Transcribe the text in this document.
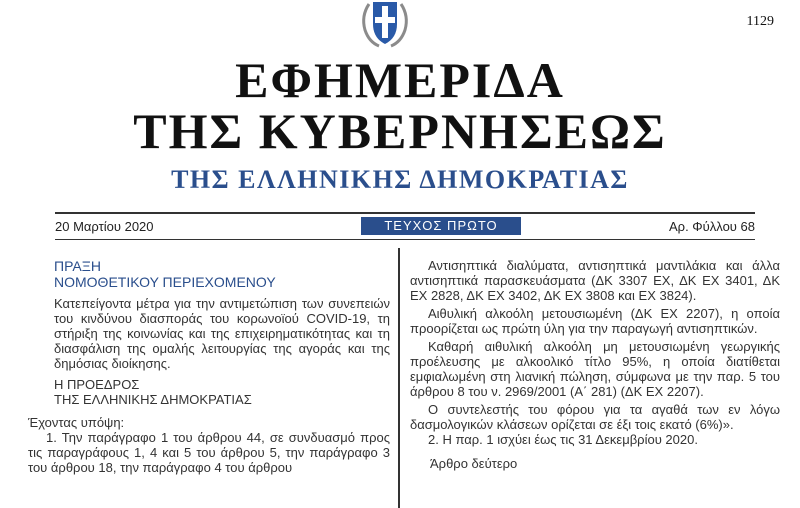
1129
ΕΦΗΜΕΡΙΔΑ
ΤΗΣ ΚΥΒΕΡΝΗΣΕΩΣ
ΤΗΣ ΕΛΛΗΝΙΚΗΣ ΔΗΜΟΚΡΑΤΙΑΣ
20 Μαρτίου 2020	ΤΕΥΧΟΣ ΠΡΩΤΟ	Αρ. Φύλλου 68
ΠΡΑΞΗ
ΝΟΜΟΘΕΤΙΚΟΥ ΠΕΡΙΕΧΟΜΕΝΟΥ
Κατεπείγοντα μέτρα για την αντιμετώπιση των συνεπειών του κινδύνου διασποράς του κορωνοϊού COVID-19, τη στήριξη της κοινωνίας και της επιχειρηματικότητας και τη διασφάλιση της ομαλής λειτουργίας της αγοράς και της δημόσιας διοίκησης.
Η ΠΡΟΕΔΡΟΣ
ΤΗΣ ΕΛΛΗΝΙΚΗΣ ΔΗΜΟΚΡΑΤΙΑΣ
Έχοντας υπόψη:

1. Την παράγραφο 1 του άρθρου 44, σε συνδυασμό προς τις παραγράφους 1, 4 και 5 του άρθρου 5, την παράγραφο 3 του άρθρου 18, την παράγραφο 4 του άρθρου

Αντισηπτικά διαλύματα, αντισηπτικά μαντιλάκια και άλλα αντισηπτικά παρασκευάσματα (ΔΚ 3307 ΕΧ, ΔΚ ΕΧ 3401, ΔΚ ΕΧ 2828, ΔΚ ΕΧ 3402, ΔΚ ΕΧ 3808 και ΕΧ 3824).

Αιθυλική αλκοόλη μετουσιωμένη (ΔΚ ΕΧ 2207), η οποία προορίζεται ως πρώτη ύλη για την παραγωγή αντισηπτικών.

Καθαρή αιθυλική αλκοόλη μη μετουσιωμένη γεωργικής προέλευσης με αλκοολικό τίτλο 95%, η οποία διατίθεται εμφιαλωμένη στη λιανική πώληση, σύμφωνα με την παρ. 5 του άρθρου 8 του ν. 2969/2001 (Α΄ 281) (ΔΚ ΕΧ 2207).

Ο συντελεστής του φόρου για τα αγαθά των εν λόγω δασμολογικών κλάσεων ορίζεται σε έξι τοις εκατό (6%)».

2. Η παρ. 1 ισχύει έως τις 31 Δεκεμβρίου 2020.

Άρθρο δεύτερο
